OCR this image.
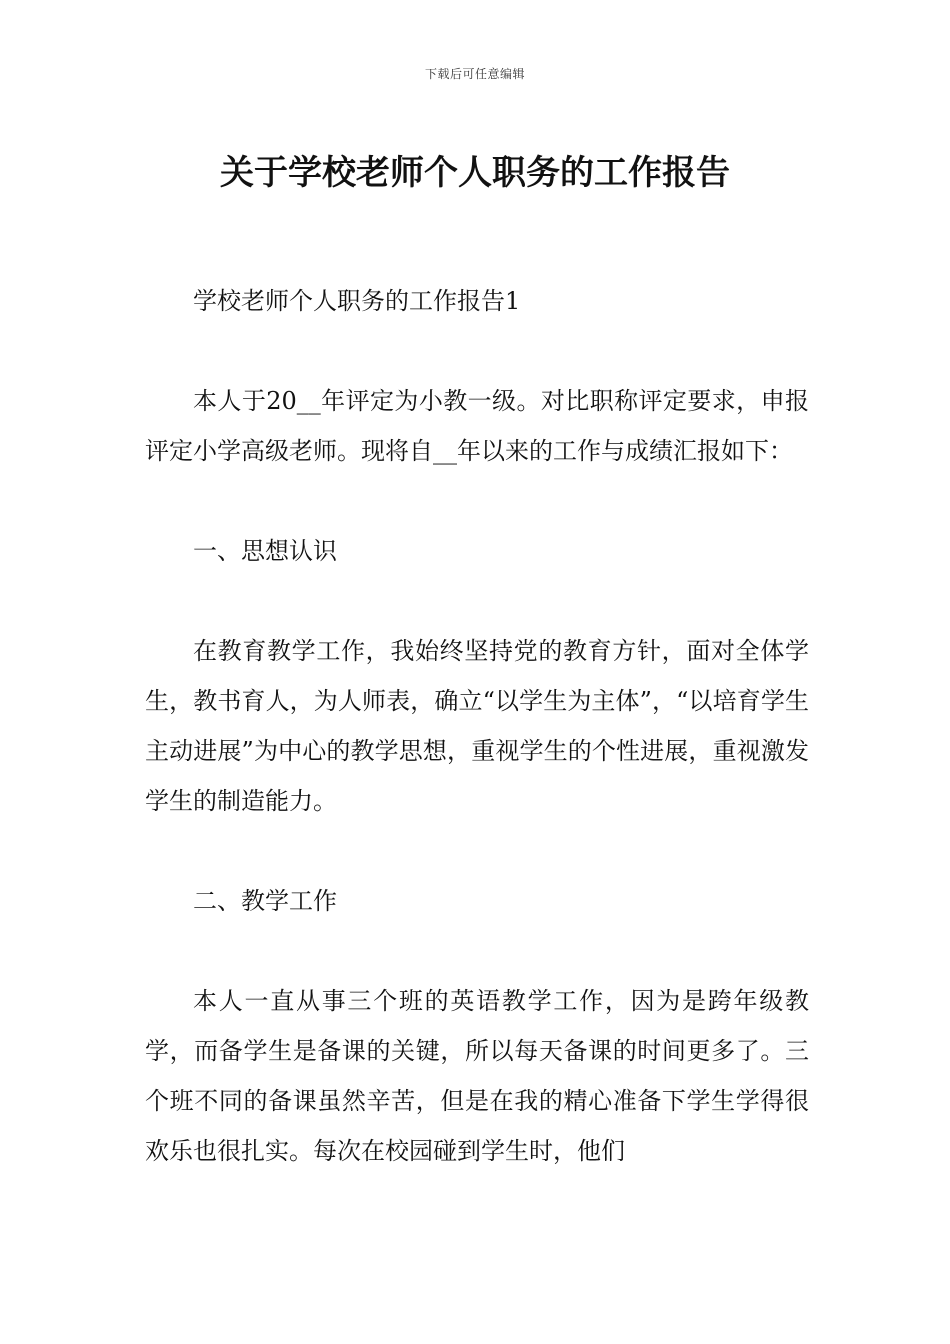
下载后可任意编辑
关于学校老师个人职务的工作报告

学校老师个人职务的工作报告1

本人于20__年评定为小教一级。对比职称评定要求，申报评定小学高级老师。现将自__年以来的工作与成绩汇报如下：

一、思想认识

在教育教学工作，我始终坚持党的教育方针，面对全体学生，教书育人，为人师表，确立“以学生为主体”，“以培育学生主动进展”为中心的教学思想，重视学生的个性进展，重视激发学生的制造能力。

二、教学工作

本人一直从事三个班的英语教学工作，因为是跨年级教学，而备学生是备课的关键，所以每天备课的时间更多了。三个班不同的备课虽然辛苦，但是在我的精心准备下学生学得很欢乐也很扎实。每次在校园碰到学生时，他们
